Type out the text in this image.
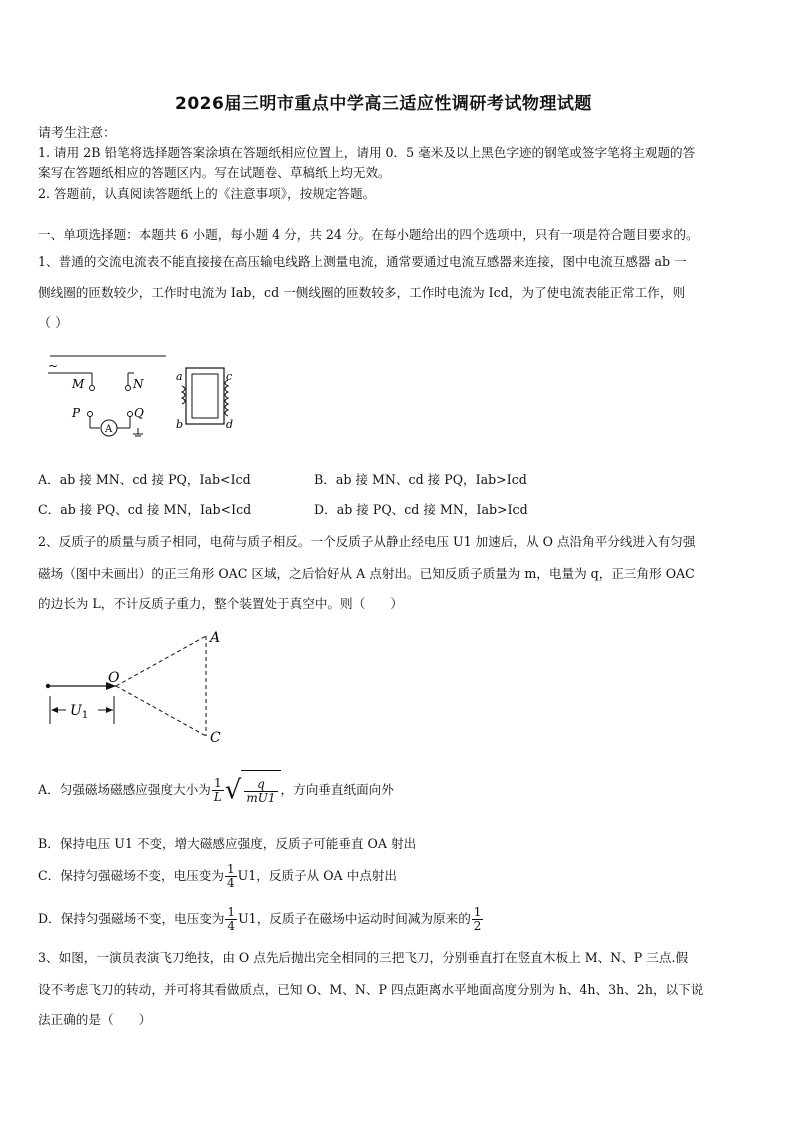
2026届三明市重点中学高三适应性调研考试物理试题
请考生注意：
1. 请用 2B 铅笔将选择题答案涂填在答题纸相应位置上，请用 0．5 毫米及以上黑色字迹的钢笔或签字笔将主观题的答
案写在答题纸相应的答题区内。写在试题卷、草稿纸上均无效。
2. 答题前，认真阅读答题纸上的《注意事项》，按规定答题。
一、单项选择题：本题共 6 小题，每小题 4 分，共 24 分。在每小题给出的四个选项中，只有一项是符合题目要求的。
1、普通的交流电流表不能直接接在高压输电线路上测量电流，通常要通过电流互感器来连接，图中电流互感器 ab 一
侧线圈的匝数较少，工作时电流为 Iab，cd 一侧线圈的匝数较多，工作时电流为 Icd，为了使电流表能正常工作，则
（ ）
~
M	N
P
A
Q
a
b
c
d
A．ab 接 MN、cd 接 PQ，Iab<Icd	B．ab 接 MN、cd 接 PQ，Iab>Icd
C．ab 接 PQ、cd 接 MN，Iab<Icd	D．ab 接 PQ、cd 接 MN，Iab>Icd
2、反质子的质量与质子相同，电荷与质子相反。一个反质子从静止经电压 U1 加速后，从 O 点沿角平分线进入有匀强
磁场（图中未画出）的正三角形 OAC 区域，之后恰好从 A 点射出。已知反质子质量为 m，电量为 q，正三角形 OAC
的边长为 L，不计反质子重力，整个装置处于真空中。则（　　）
O
A
C
$U_1$
A．匀强磁场磁感应强度大小为 $\frac{1}{L}$ √ $\frac{q}{mU1}$ ，方向垂直纸面向外
B．保持电压 U1 不变，增大磁感应强度，反质子可能垂直 OA 射出
C．保持匀强磁场不变，电压变为 $\frac{1}{4} U1$，反质子从 OA 中点射出
D．保持匀强磁场不变，电压变为 $\frac{1}{4} U1$，反质子在磁场中运动时间减为原来的 $\frac{1}{2}$
3、如图，一演员表演飞刀绝技，由 O 点先后抛出完全相同的三把飞刀，分别垂直打在竖直木板上 M、N、P 三点.假
设不考虑飞刀的转动，并可将其看做质点，已知 O、M、N、P 四点距离水平地面高度分别为 h、4h、3h、2h，以下说
法正确的是（　　）
